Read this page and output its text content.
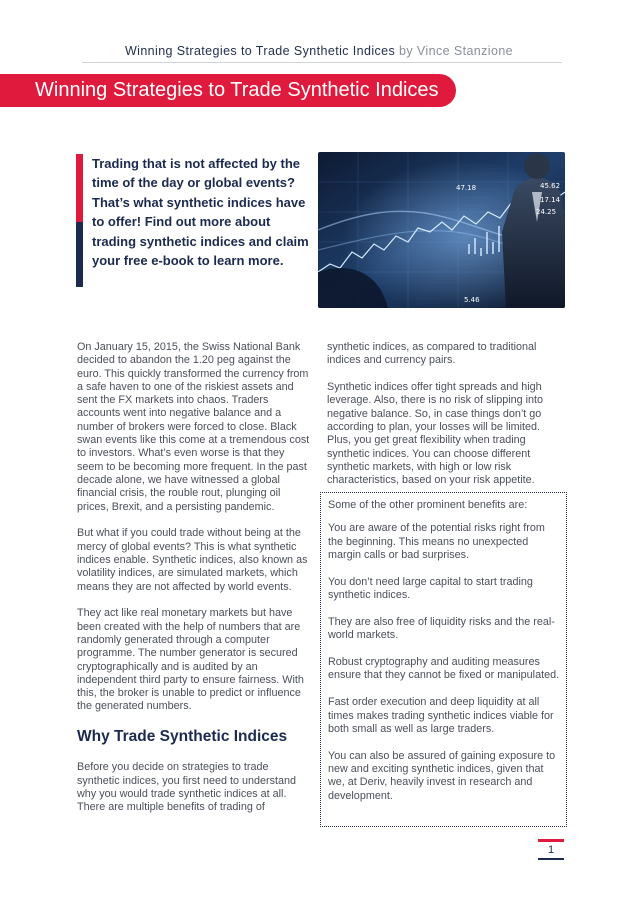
Winning Strategies to Trade Synthetic Indices by Vince Stanzione
Winning Strategies to Trade Synthetic Indices
Trading that is not affected by the time of the day or global events? That’s what synthetic indices have to offer! Find out more about trading synthetic indices and claim your free e-book to learn more.
47.18	45.62
17.14
24.25
5.46

On January 15, 2015, the Swiss National Bank decided to abandon the 1.20 peg against the euro. This quickly transformed the currency from a safe haven to one of the riskiest assets and sent the FX markets into chaos. Traders accounts went into negative balance and a number of brokers were forced to close. Black swan events like this come at a tremendous cost to investors. What’s even worse is that they seem to be becoming more frequent. In the past decade alone, we have witnessed a global financial crisis, the rouble rout, plunging oil prices, Brexit, and a persisting pandemic.

But what if you could trade without being at the mercy of global events? This is what synthetic indices enable. Synthetic indices, also known as volatility indices, are simulated markets, which means they are not affected by world events.

They act like real monetary markets but have been created with the help of numbers that are randomly generated through a computer programme. The number generator is secured cryptographically and is audited by an independent third party to ensure fairness. With this, the broker is unable to predict or influence the generated numbers.

Why Trade Synthetic Indices

Before you decide on strategies to trade synthetic indices, you first need to understand why you would trade synthetic indices at all. There are multiple benefits of trading of

synthetic indices, as compared to traditional indices and currency pairs.

Synthetic indices offer tight spreads and high leverage. Also, there is no risk of slipping into negative balance. So, in case things don’t go according to plan, your losses will be limited. Plus, you get great flexibility when trading synthetic indices. You can choose different synthetic markets, with high or low risk characteristics, based on your risk appetite.

Some of the other prominent benefits are:

You are aware of the potential risks right from the beginning. This means no unexpected margin calls or bad surprises.

You don’t need large capital to start trading synthetic indices.

They are also free of liquidity risks and the real-world markets.

Robust cryptography and auditing measures ensure that they cannot be fixed or manipulated.

Fast order execution and deep liquidity at all times makes trading synthetic indices viable for both small as well as large traders.

You can also be assured of gaining exposure to new and exciting synthetic indices, given that we, at Deriv, heavily invest in research and development.

1
